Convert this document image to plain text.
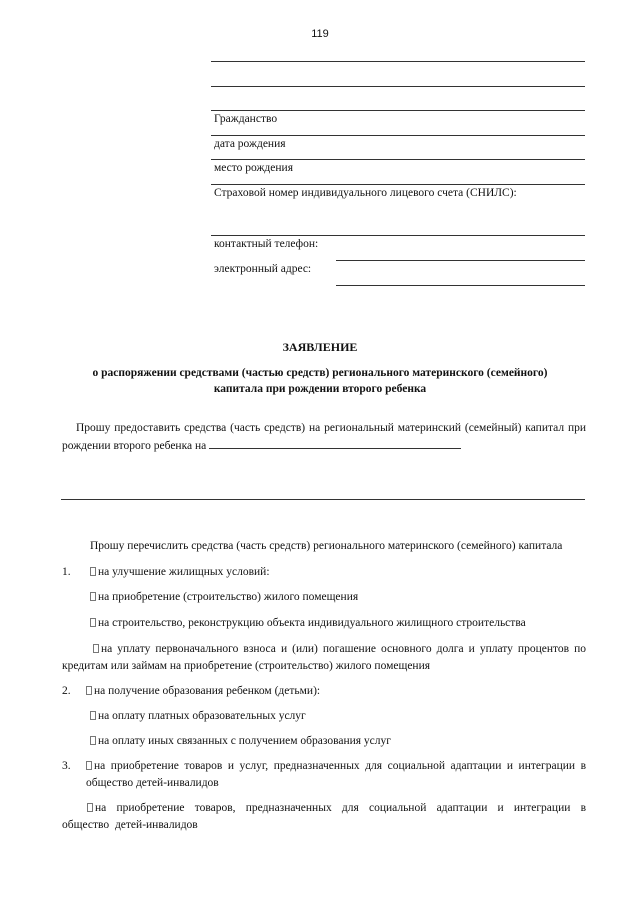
119
Гражданство
дата рождения
место рождения
Страховой номер индивидуального лицевого счета (СНИЛС):
контактный телефон:
электронный адрес:
ЗАЯВЛЕНИЕ
о распоряжении средствами (частью средств) регионального материнского (семейного)
капитала при рождении второго ребенка
Прошу предоставить средства (часть средств) на региональный материнский (семейный) капитал при рождении второго ребенка на
Прошу перечислить средства (часть средств) регионального материнского (семейного) капитала
1. на улучшение жилищных условий:
на приобретение (строительство) жилого помещения
на строительство, реконструкцию объекта индивидуального жилищного строительства
на уплату первоначального взноса и (или) погашение основного долга и уплату процентов по кредитам или займам на приобретение (строительство) жилого помещения
2. на получение образования ребенком (детьми):
на оплату платных образовательных услуг
на оплату иных связанных с получением образования услуг
3. на приобретение товаров и услуг, предназначенных для социальной адаптации и интеграции в общество детей-инвалидов
на приобретение товаров, предназначенных для социальной адаптации и интеграции в общество детей-инвалидов
